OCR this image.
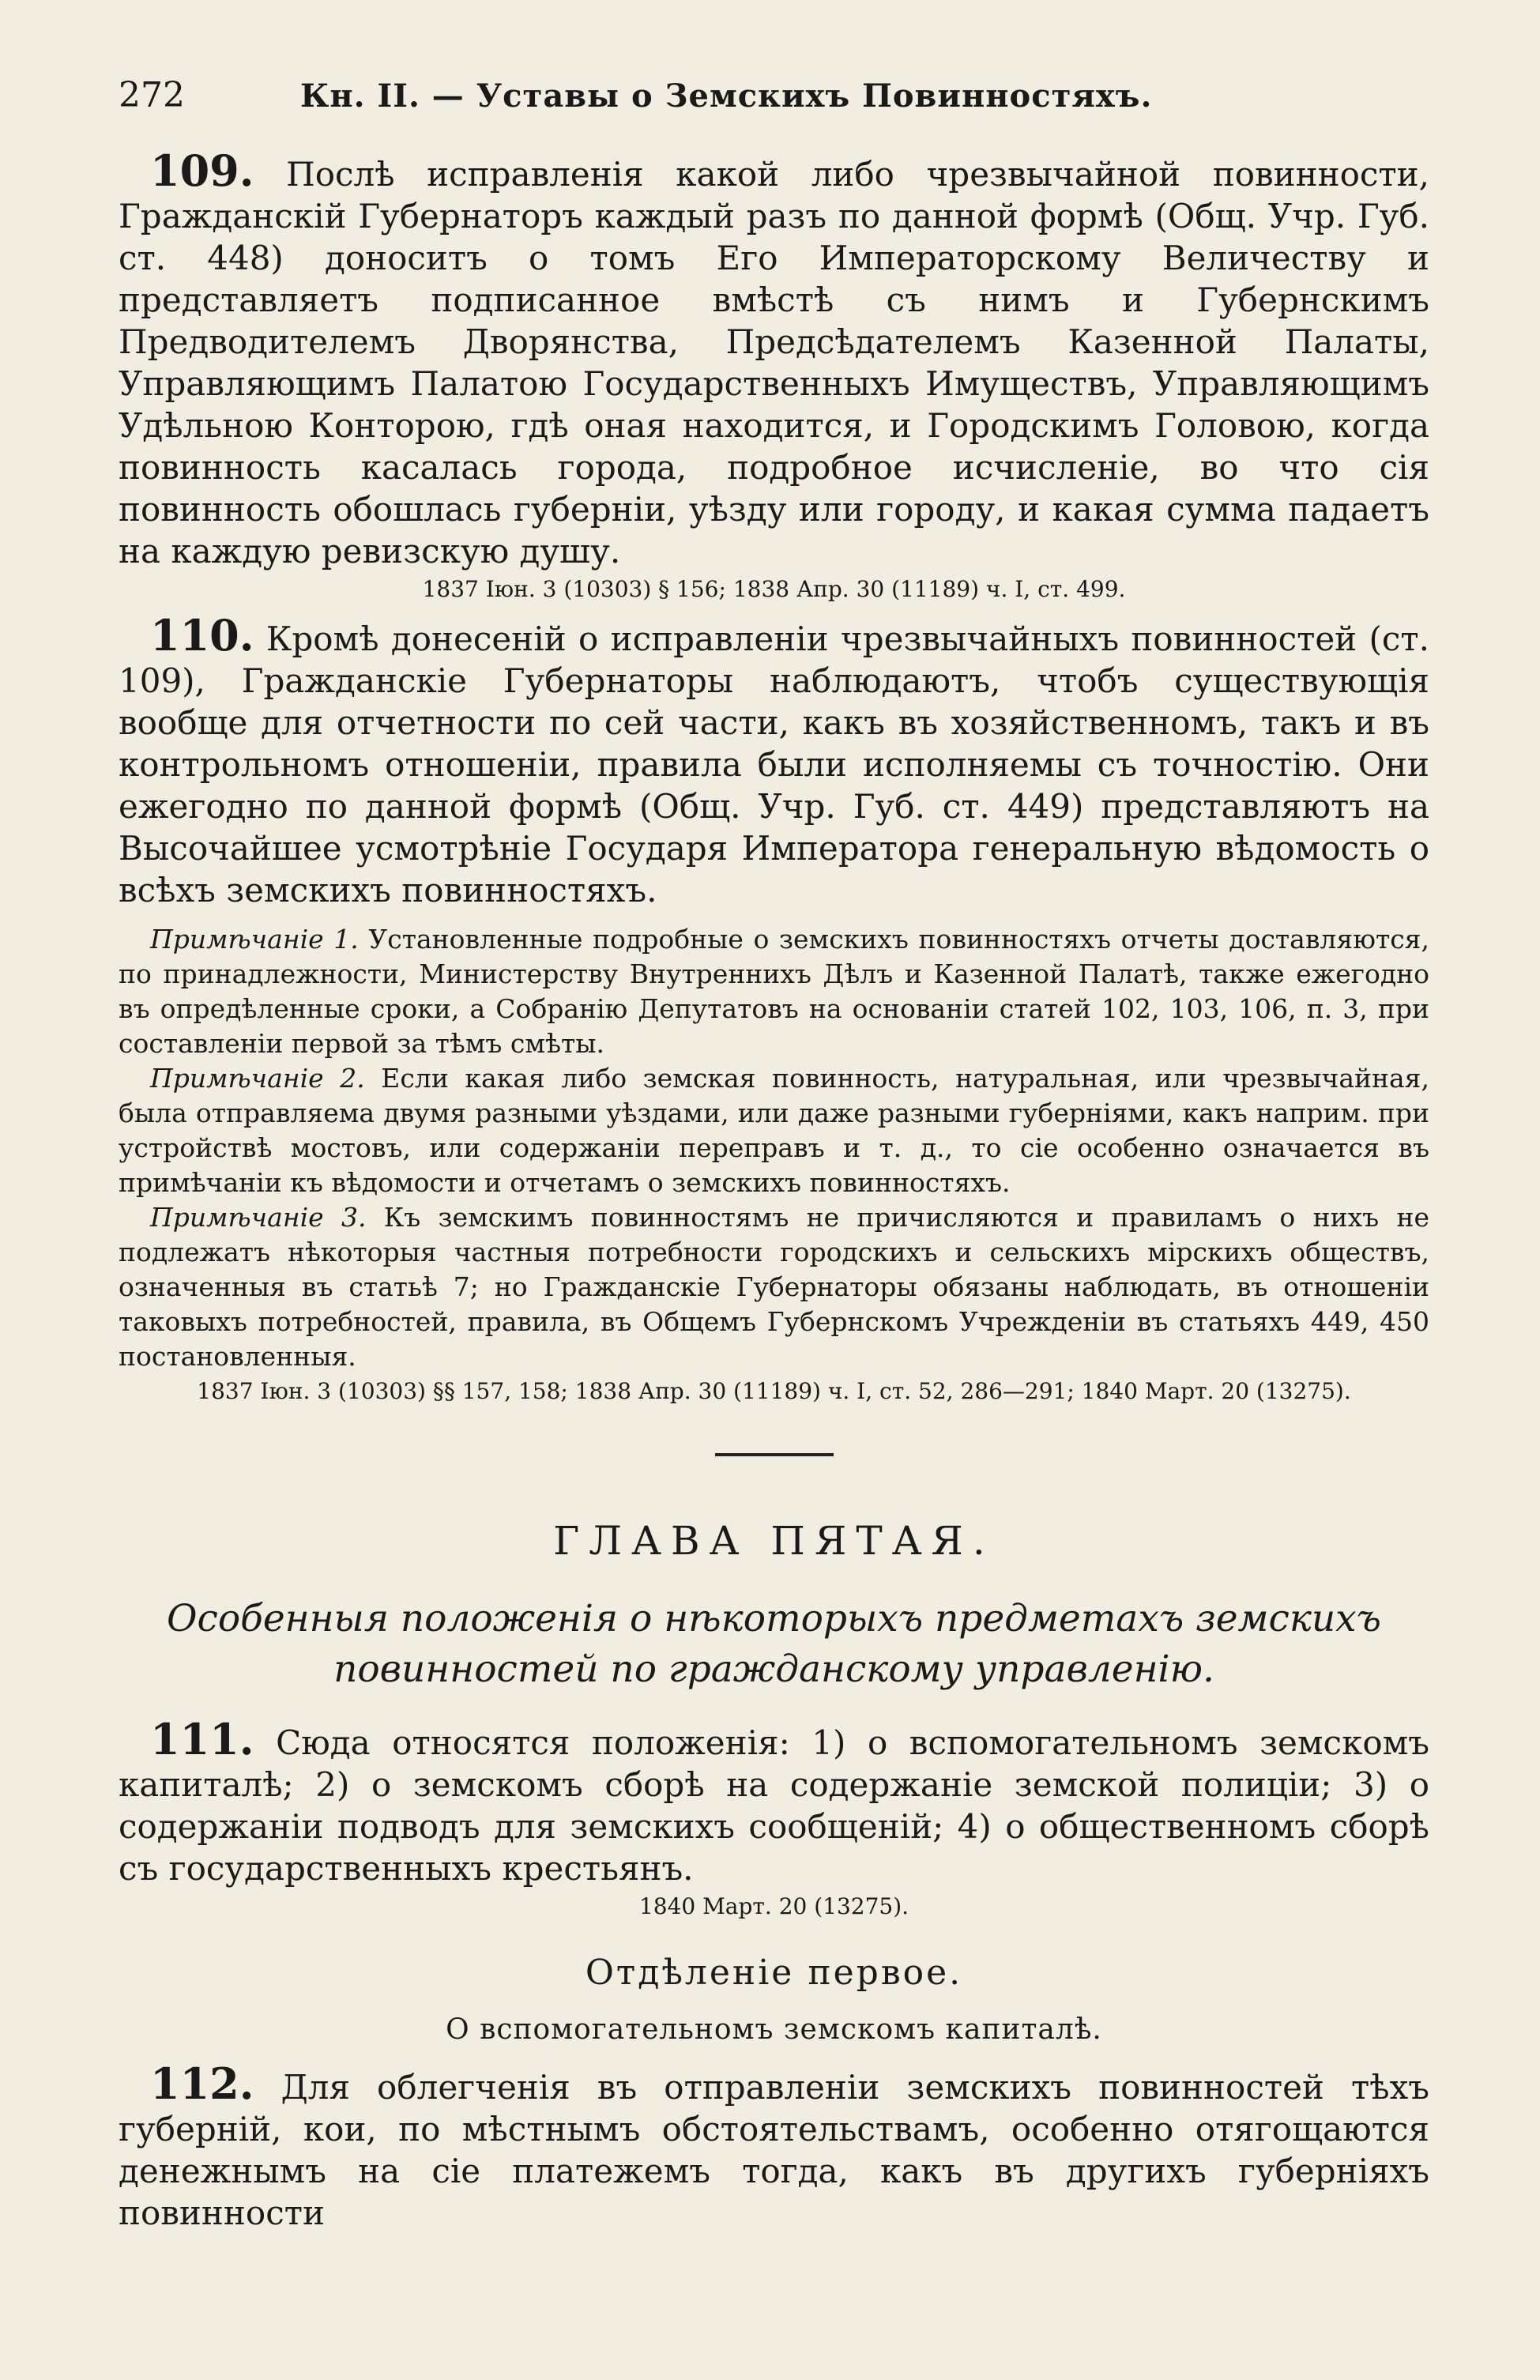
272	Кн. II. — Уставы о Земскихъ Повинностяхъ.

109. Послѣ исправленія какой либо чрезвычайной повинности, Гражданскій Губернаторъ каждый разъ по данной формѣ (Общ. Учр. Губ. ст. 448) доноситъ о томъ Его Императорскому Величеству и представляетъ подписанное вмѣстѣ съ нимъ и Губернскимъ Предводителемъ Дворянства, Предсѣдателемъ Казенной Палаты, Управляющимъ Палатою Государственныхъ Имуществъ, Управляющимъ Удѣльною Конторою, гдѣ оная находится, и Городскимъ Головою, когда повинность касалась города, подробное исчисленіе, во что сія повинность обошлась губерніи, уѣзду или городу, и какая сумма падаетъ на каждую ревизскую душу.

1837 Іюн. 3 (10303) § 156; 1838 Апр. 30 (11189) ч. I, ст. 499.

110. Кромѣ донесеній о исправленіи чрезвычайныхъ повинностей (ст. 109), Гражданскіе Губернаторы наблюдаютъ, чтобъ существующія вообще для отчетности по сей части, какъ въ хозяйственномъ, такъ и въ контрольномъ отношеніи, правила были исполняемы съ точностію. Они ежегодно по данной формѣ (Общ. Учр. Губ. ст. 449) представляютъ на Высочайшее усмотрѣніе Государя Императора генеральную вѣдомость о всѣхъ земскихъ повинностяхъ.

Примѣчаніе 1. Установленные подробные о земскихъ повинностяхъ отчеты доставляются, по принадлежности, Министерству Внутреннихъ Дѣлъ и Казенной Палатѣ, также ежегодно въ опредѣленные сроки, а Собранію Депутатовъ на основаніи статей 102, 103, 106, п. 3, при составленіи первой за тѣмъ смѣты.

Примѣчаніе 2. Если какая либо земская повинность, натуральная, или чрезвычайная, была отправляема двумя разными уѣздами, или даже разными губерніями, какъ наприм. при устройствѣ мостовъ, или содержаніи переправъ и т. д., то сіе особенно означается въ примѣчаніи къ вѣдомости и отчетамъ о земскихъ повинностяхъ.

Примѣчаніе 3. Къ земскимъ повинностямъ не причисляются и правиламъ о нихъ не подлежатъ нѣкоторыя частныя потребности городскихъ и сельскихъ мірскихъ обществъ, означенныя въ статьѣ 7; но Гражданскіе Губернаторы обязаны наблюдать, въ отношеніи таковыхъ потребностей, правила, въ Общемъ Губернскомъ Учрежденіи въ статьяхъ 449, 450 постановленныя.

1837 Іюн. 3 (10303) §§ 157, 158; 1838 Апр. 30 (11189) ч. I, ст. 52, 286—291; 1840 Март. 20 (13275).
ГЛАВА ПЯТАЯ.
Особенныя положенія о нѣкоторыхъ предметахъ земскихъ повинностей по гражданскому управленію.

111. Сюда относятся положенія: 1) о вспомогательномъ земскомъ капиталѣ; 2) о земскомъ сборѣ на содержаніе земской полиціи; 3) о содержаніи подводъ для земскихъ сообщеній; 4) о общественномъ сборѣ съ государственныхъ крестьянъ.

1840 Март. 20 (13275).
Отдѣленіе первое.
О вспомогательномъ земскомъ капиталѣ.

112. Для облегченія въ отправленіи земскихъ повинностей тѣхъ губерній, кои, по мѣстнымъ обстоятельствамъ, особенно отягощаются денежнымъ на сіе платежемъ тогда, какъ въ другихъ губерніяхъ повинности
